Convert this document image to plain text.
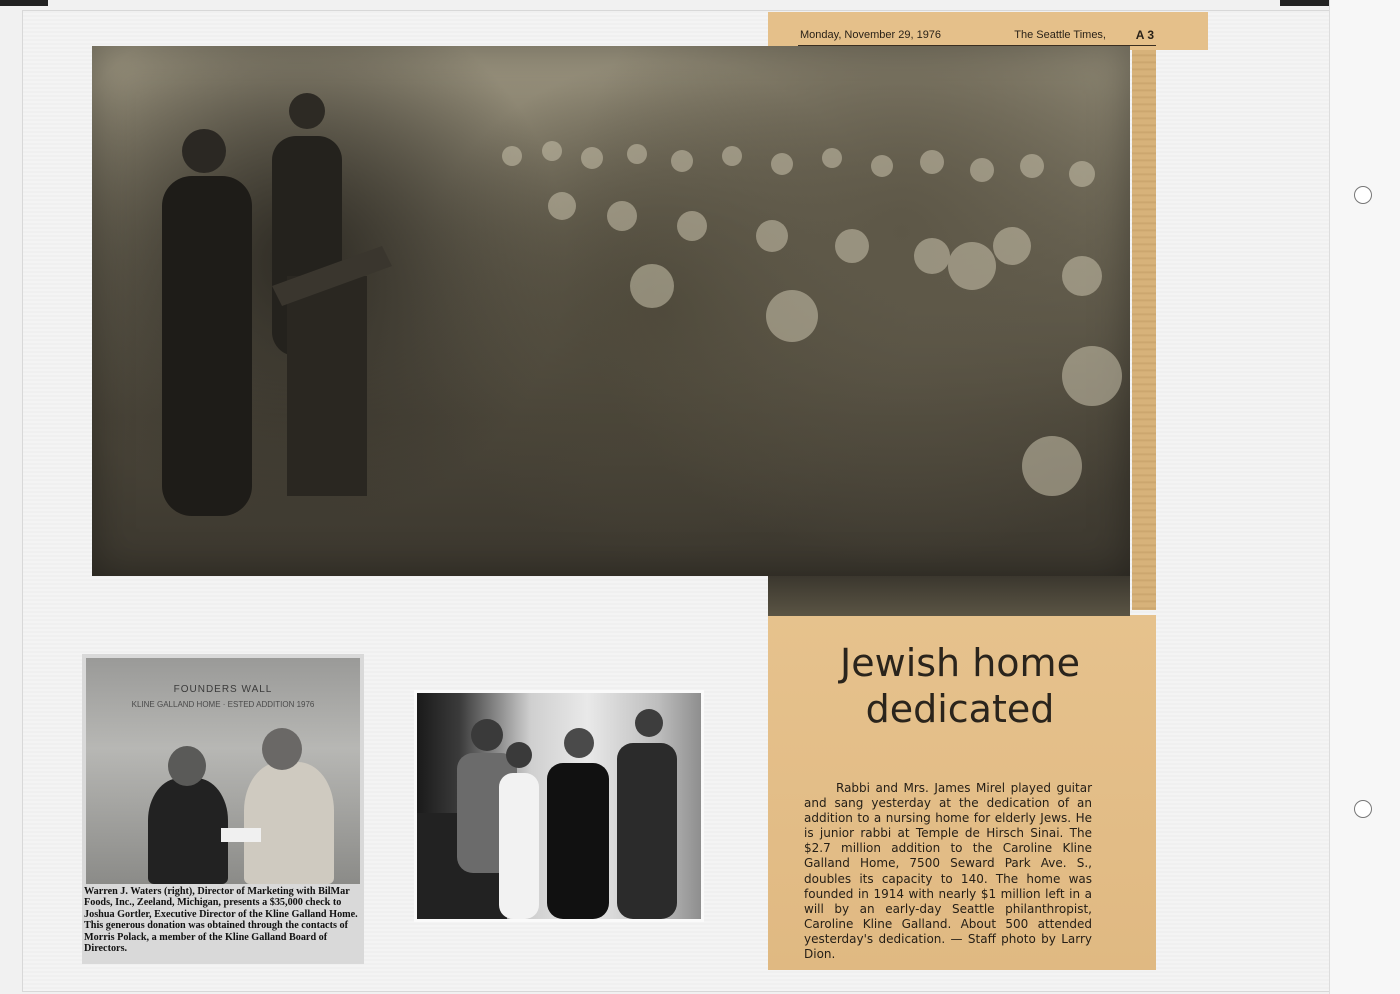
Monday, November 29, 1976	The Seattle Times, A 3
Jewish home
dedicated
Rabbi and Mrs. James Mirel played guitar and sang yesterday at the dedication of an addition to a nursing home for elderly Jews. He is junior rabbi at Temple de Hirsch Sinai. The $2.7 million addition to the Caroline Kline Galland Home, 7500 Seward Park Ave. S., doubles its capacity to 140. The home was founded in 1914 with nearly $1 million left in a will by an early-day Seattle philanthropist, Caroline Kline Galland. About 500 attended yesterday's dedication. — Staff photo by Larry Dion.
FOUNDERS WALL
KLINE GALLAND HOME · ESTED ADDITION 1976
Warren J. Waters (right), Director of Marketing with BilMar Foods, Inc., Zeeland, Michigan, presents a $35,000 check to Joshua Gortler, Executive Director of the Kline Galland Home. This generous donation was obtained through the contacts of Morris Polack, a member of the Kline Galland Board of Directors.
